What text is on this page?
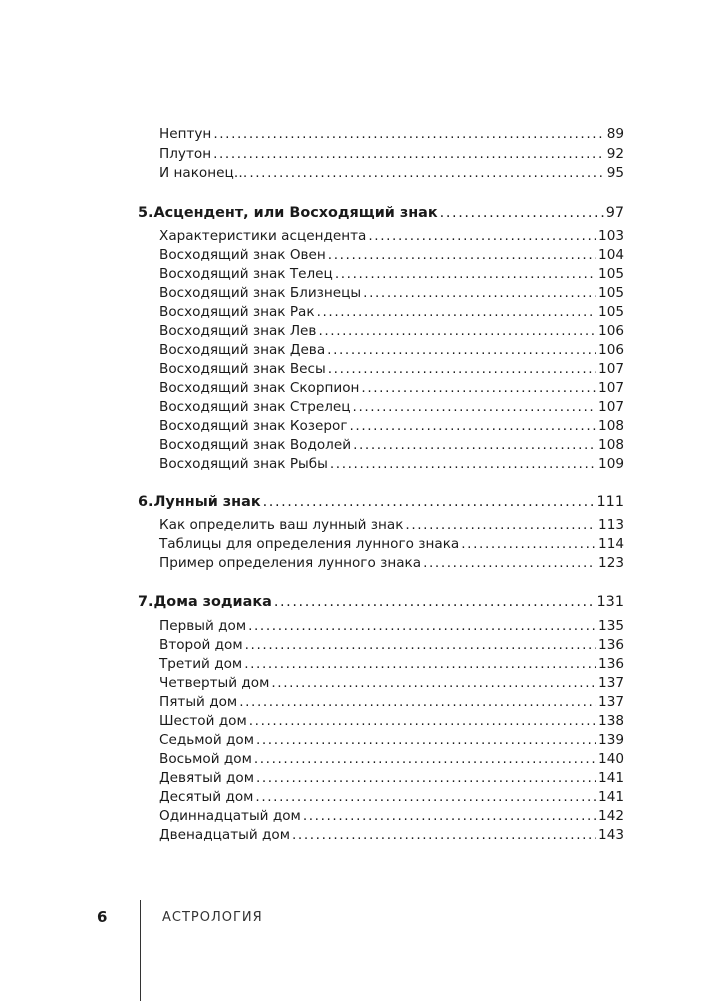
Нептун .....	89
Плутон .....	92
И наконец… .....	95
5. Асцендент, или Восходящий знак .....	97
Характеристики асцендента .....	103
Восходящий знак Овен .....	104
Восходящий знак Телец .....	105
Восходящий знак Близнецы .....	105
Восходящий знак Рак .....	105
Восходящий знак Лев .....	106
Восходящий знак Дева .....	106
Восходящий знак Весы .....	107
Восходящий знак Скорпион .....	107
Восходящий знак Стрелец .....	107
Восходящий знак Козерог .....	108
Восходящий знак Водолей .....	108
Восходящий знак Рыбы .....	109
6. Лунный знак .....	111
Как определить ваш лунный знак .....	113
Таблицы для определения лунного знака .....	114
Пример определения лунного знака .....	123
7. Дома зодиака .....	131
Первый дом .....	135
Второй дом .....	136
Третий дом .....	136
Четвертый дом .....	137
Пятый дом .....	137
Шестой дом .....	138
Седьмой дом .....	139
Восьмой дом .....	140
Девятый дом .....	141
Десятый дом .....	141
Одиннадцатый дом .....	142
Двенадцатый дом .....	143
6	АСТРОЛОГИЯ
